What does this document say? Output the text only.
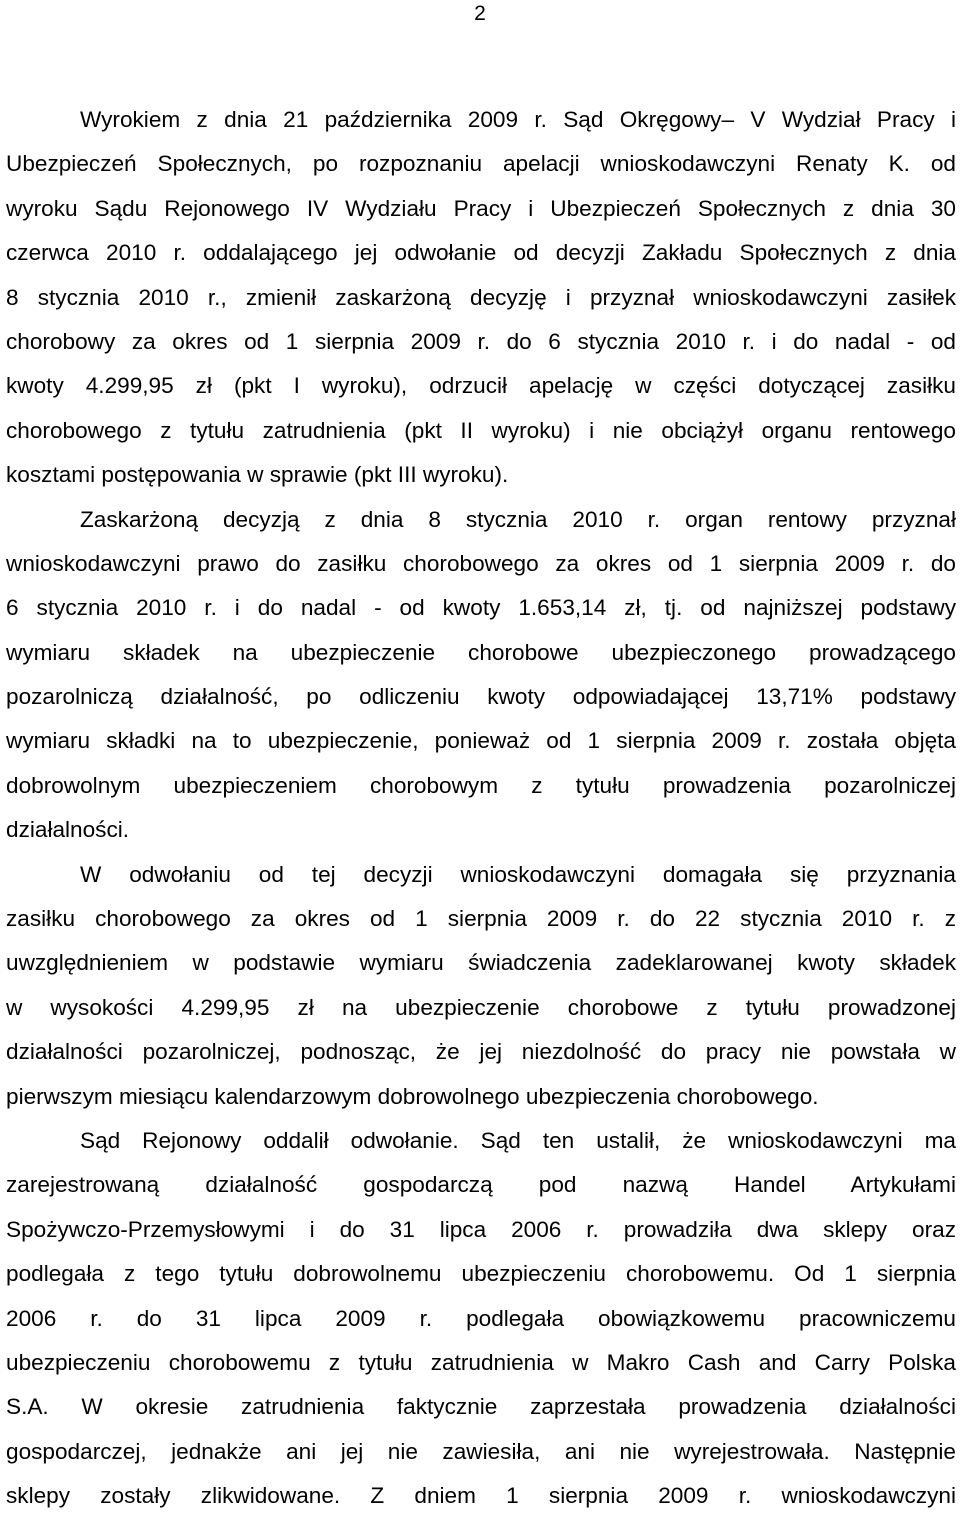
2
Wyrokiem z dnia 21 października 2009 r. Sąd Okręgowy– V Wydział Pracy i
Ubezpieczeń Społecznych, po rozpoznaniu apelacji wnioskodawczyni Renaty K. od
wyroku Sądu Rejonowego IV Wydziału Pracy i Ubezpieczeń Społecznych z dnia 30
czerwca 2010 r. oddalającego jej odwołanie od decyzji Zakładu Społecznych z dnia
8 stycznia 2010 r., zmienił zaskarżoną decyzję i przyznał wnioskodawczyni zasiłek
chorobowy za okres od 1 sierpnia 2009 r. do 6 stycznia 2010 r. i do nadal - od
kwoty 4.299,95 zł (pkt I wyroku), odrzucił apelację w części dotyczącej zasiłku
chorobowego z tytułu zatrudnienia (pkt II wyroku) i nie obciążył organu rentowego
kosztami postępowania w sprawie (pkt III wyroku).
Zaskarżoną decyzją z dnia 8 stycznia 2010 r. organ rentowy przyznał
wnioskodawczyni prawo do zasiłku chorobowego za okres od 1 sierpnia 2009 r. do
6 stycznia 2010 r. i do nadal - od kwoty 1.653,14 zł, tj. od najniższej podstawy
wymiaru składek na ubezpieczenie chorobowe ubezpieczonego prowadzącego
pozarolniczą działalność, po odliczeniu kwoty odpowiadającej 13,71% podstawy
wymiaru składki na to ubezpieczenie, ponieważ od 1 sierpnia 2009 r. została objęta
dobrowolnym ubezpieczeniem chorobowym z tytułu prowadzenia pozarolniczej
działalności.
W odwołaniu od tej decyzji wnioskodawczyni domagała się przyznania
zasiłku chorobowego za okres od 1 sierpnia 2009 r. do 22 stycznia 2010 r. z
uwzględnieniem w podstawie wymiaru świadczenia zadeklarowanej kwoty składek
w wysokości 4.299,95 zł na ubezpieczenie chorobowe z tytułu prowadzonej
działalności pozarolniczej, podnosząc, że jej niezdolność do pracy nie powstała w
pierwszym miesiącu kalendarzowym dobrowolnego ubezpieczenia chorobowego.
Sąd Rejonowy oddalił odwołanie. Sąd ten ustalił, że wnioskodawczyni ma
zarejestrowaną działalność gospodarczą pod nazwą Handel Artykułami
Spożywczo-Przemysłowymi i do 31 lipca 2006 r. prowadziła dwa sklepy oraz
podlegała z tego tytułu dobrowolnemu ubezpieczeniu chorobowemu. Od 1 sierpnia
2006 r. do 31 lipca 2009 r. podlegała obowiązkowemu pracowniczemu
ubezpieczeniu chorobowemu z tytułu zatrudnienia w Makro Cash and Carry Polska
S.A. W okresie zatrudnienia faktycznie zaprzestała prowadzenia działalności
gospodarczej, jednakże ani jej nie zawiesiła, ani nie wyrejestrowała. Następnie
sklepy zostały zlikwidowane. Z dniem 1 sierpnia 2009 r. wnioskodawczyni
